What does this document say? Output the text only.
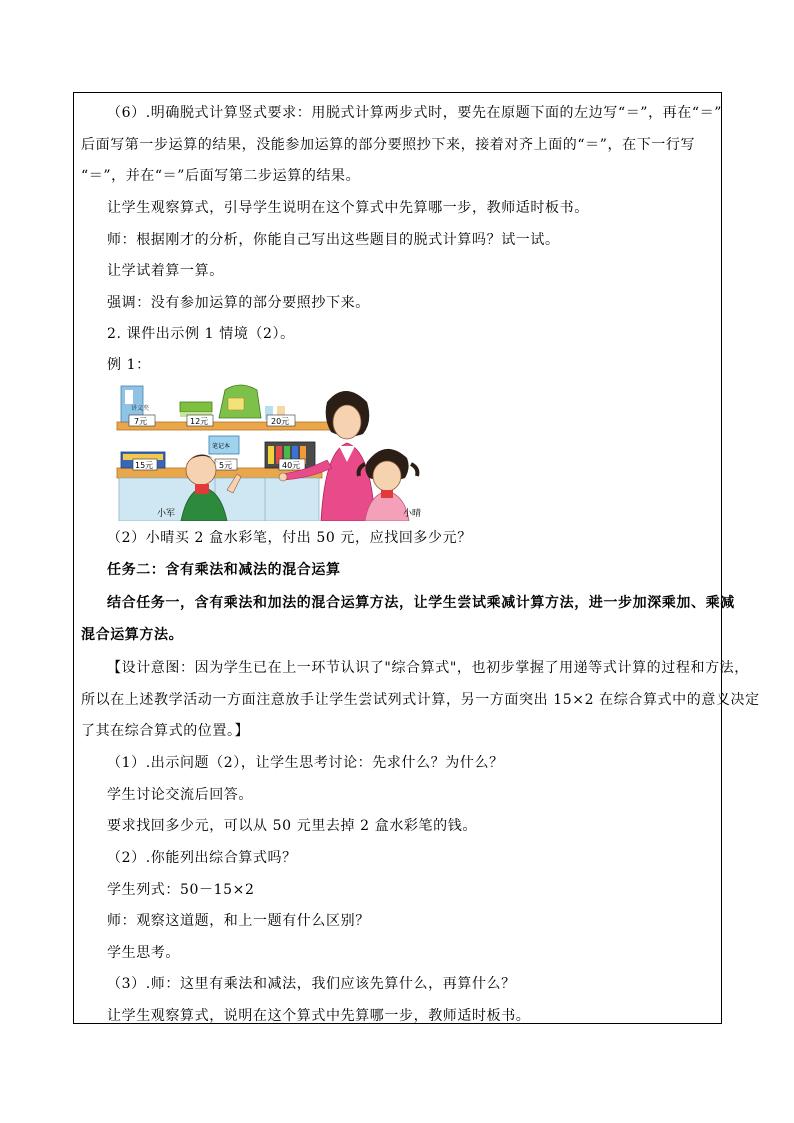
（6）.明确脱式计算竖式要求：用脱式计算两步式时，要先在原题下面的左边写“＝”，再在“＝”
后面写第一步运算的结果，没能参加运算的部分要照抄下来，接着对齐上面的“＝”，在下一行写
“＝”，并在“＝”后面写第二步运算的结果。
让学生观察算式，引导学生说明在这个算式中先算哪一步，教师适时板书。
师：根据刚才的分析，你能自己写出这些题目的脱式计算吗？试一试。
让学试着算一算。
强调：没有参加运算的部分要照抄下来。
2. 课件出示例 1 情境（2）。
例 1：
（2）小晴买 2 盒水彩笔，付出 50 元，应找回多少元？
任务二：含有乘法和减法的混合运算
结合任务一，含有乘法和加法的混合运算方法，让学生尝试乘减计算方法，进一步加深乘加、乘减
混合运算方法。
【设计意图：因为学生已在上一环节认识了"综合算式"，也初步掌握了用递等式计算的过程和方法，
所以在上述教学活动一方面注意放手让学生尝试列式计算，另一方面突出 15×2 在综合算式中的意义决定
了其在综合算式的位置。】
（1）.出示问题（2），让学生思考讨论：先求什么？为什么？
学生讨论交流后回答。
要求找回多少元，可以从 50 元里去掉 2 盒水彩笔的钱。
（2）.你能列出综合算式吗？
学生列式：50－15×2
师：观察这道题，和上一题有什么区别？
学生思考。
（3）.师：这里有乘法和减法，我们应该先算什么，再算什么？
让学生观察算式，说明在这个算式中先算哪一步，教师适时板书。
讲义夹
7元	12元	20元
笔记本
15元	5元	40元
小军	小晴
